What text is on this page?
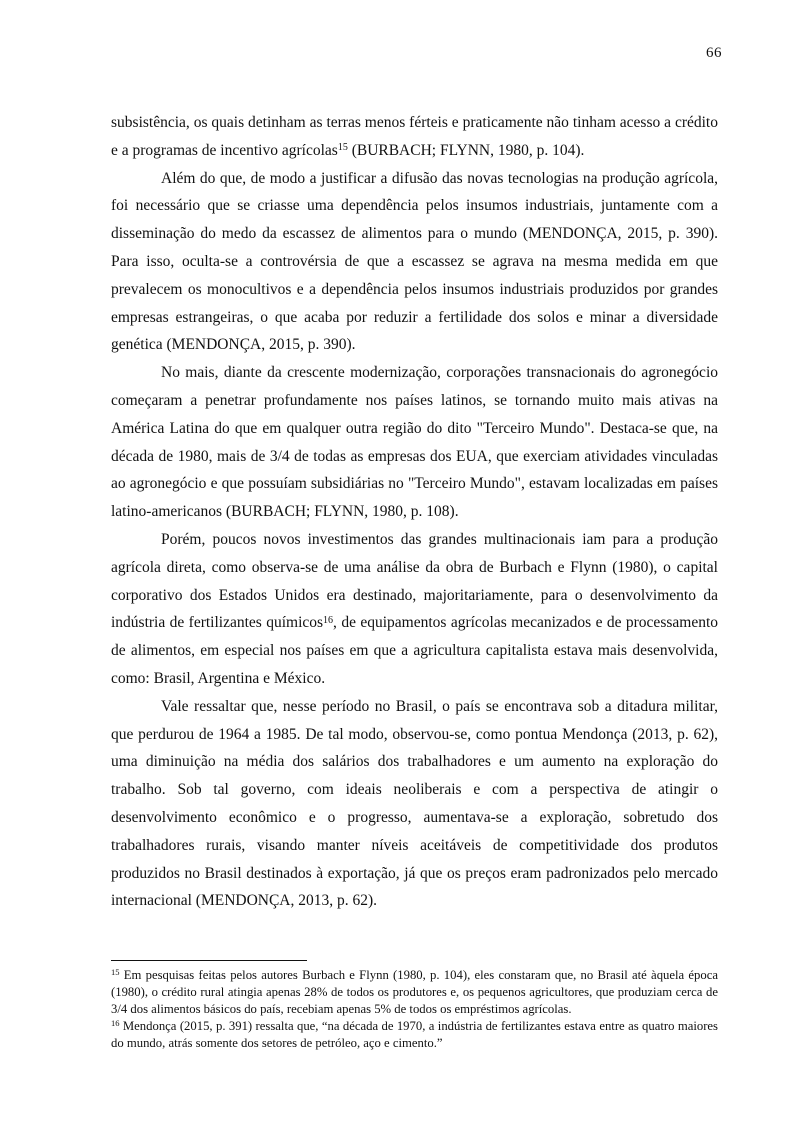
66

subsistência, os quais detinham as terras menos férteis e praticamente não tinham acesso a crédito e a programas de incentivo agrícolas$^{15}$ (BURBACH; FLYNN, 1980, p. 104).

Além do que, de modo a justificar a difusão das novas tecnologias na produção agrícola, foi necessário que se criasse uma dependência pelos insumos industriais, juntamente com a disseminação do medo da escassez de alimentos para o mundo (MENDONÇA, 2015, p. 390). Para isso, oculta-se a controvérsia de que a escassez se agrava na mesma medida em que prevalecem os monocultivos e a dependência pelos insumos industriais produzidos por grandes empresas estrangeiras, o que acaba por reduzir a fertilidade dos solos e minar a diversidade genética (MENDONÇA, 2015, p. 390).

No mais, diante da crescente modernização, corporações transnacionais do agronegócio começaram a penetrar profundamente nos países latinos, se tornando muito mais ativas na América Latina do que em qualquer outra região do dito "Terceiro Mundo". Destaca-se que, na década de 1980, mais de 3/4 de todas as empresas dos EUA, que exerciam atividades vinculadas ao agronegócio e que possuíam subsidiárias no "Terceiro Mundo", estavam localizadas em países latino-americanos (BURBACH; FLYNN, 1980, p. 108).

Porém, poucos novos investimentos das grandes multinacionais iam para a produção agrícola direta, como observa-se de uma análise da obra de Burbach e Flynn (1980), o capital corporativo dos Estados Unidos era destinado, majoritariamente, para o desenvolvimento da indústria de fertilizantes químicos$^{16}$, de equipamentos agrícolas mecanizados e de processamento de alimentos, em especial nos países em que a agricultura capitalista estava mais desenvolvida, como: Brasil, Argentina e México.

Vale ressaltar que, nesse período no Brasil, o país se encontrava sob a ditadura militar, que perdurou de 1964 a 1985. De tal modo, observou-se, como pontua Mendonça (2013, p. 62), uma diminuição na média dos salários dos trabalhadores e um aumento na exploração do trabalho. Sob tal governo, com ideais neoliberais e com a perspectiva de atingir o desenvolvimento econômico e o progresso, aumentava-se a exploração, sobretudo dos trabalhadores rurais, visando manter níveis aceitáveis de competitividade dos produtos produzidos no Brasil destinados à exportação, já que os preços eram padronizados pelo mercado internacional (MENDONÇA, 2013, p. 62).

$^{15}$ Em pesquisas feitas pelos autores Burbach e Flynn (1980, p. 104), eles constaram que, no Brasil até àquela época (1980), o crédito rural atingia apenas 28% de todos os produtores e, os pequenos agricultores, que produziam cerca de 3/4 dos alimentos básicos do país, recebiam apenas 5% de todos os empréstimos agrícolas.

$^{16}$ Mendonça (2015, p. 391) ressalta que, “na década de 1970, a indústria de fertilizantes estava entre as quatro maiores do mundo, atrás somente dos setores de petróleo, aço e cimento.”
